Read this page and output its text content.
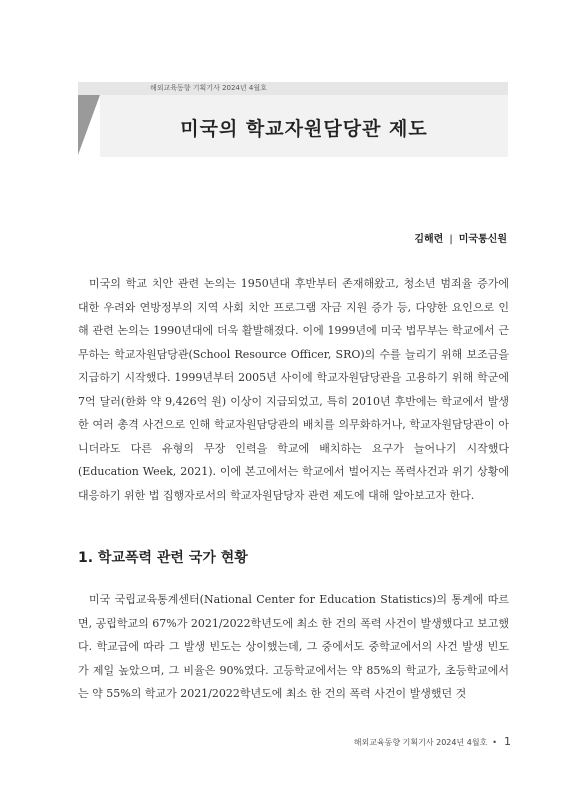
해외교육동향 기획기사 2024년 4월호
미국의 학교자원담당관 제도
김해련 | 미국통신원

미국의 학교 치안 관련 논의는 1950년대 후반부터 존재해왔고, 청소년 범죄율 증가에 대한 우려와 연방정부의 지역 사회 치안 프로그램 자금 지원 증가 등, 다양한 요인으로 인해 관련 논의는 1990년대에 더욱 활발해졌다. 이에 1999년에 미국 법무부는 학교에서 근무하는 학교자원담당관(School Resource Officer, SRO)의 수를 늘리기 위해 보조금을 지급하기 시작했다. 1999년부터 2005년 사이에 학교자원담당관을 고용하기 위해 학군에 7억 달러(한화 약 9,426억 원) 이상이 지급되었고, 특히 2010년 후반에는 학교에서 발생한 여러 총격 사건으로 인해 학교자원담당관의 배치를 의무화하거나, 학교자원담당관이 아니더라도 다른 유형의 무장 인력을 학교에 배치하는 요구가 늘어나기 시작했다(Education Week, 2021). 이에 본고에서는 학교에서 벌어지는 폭력사건과 위기 상황에 대응하기 위한 법 집행자로서의 학교자원담당자 관련 제도에 대해 알아보고자 한다.

1. 학교폭력 관련 국가 현황

미국 국립교육통계센터(National Center for Education Statistics)의 통계에 따르면, 공립학교의 67%가 2021/2022학년도에 최소 한 건의 폭력 사건이 발생했다고 보고했다. 학교급에 따라 그 발생 빈도는 상이했는데, 그 중에서도 중학교에서의 사건 발생 빈도가 제일 높았으며, 그 비율은 90%였다. 고등학교에서는 약 85%의 학교가, 초등학교에서는 약 55%의 학교가 2021/2022학년도에 최소 한 건의 폭력 사건이 발생했던 것

해외교육동향 기획기사 2024년 4월호 • 1
